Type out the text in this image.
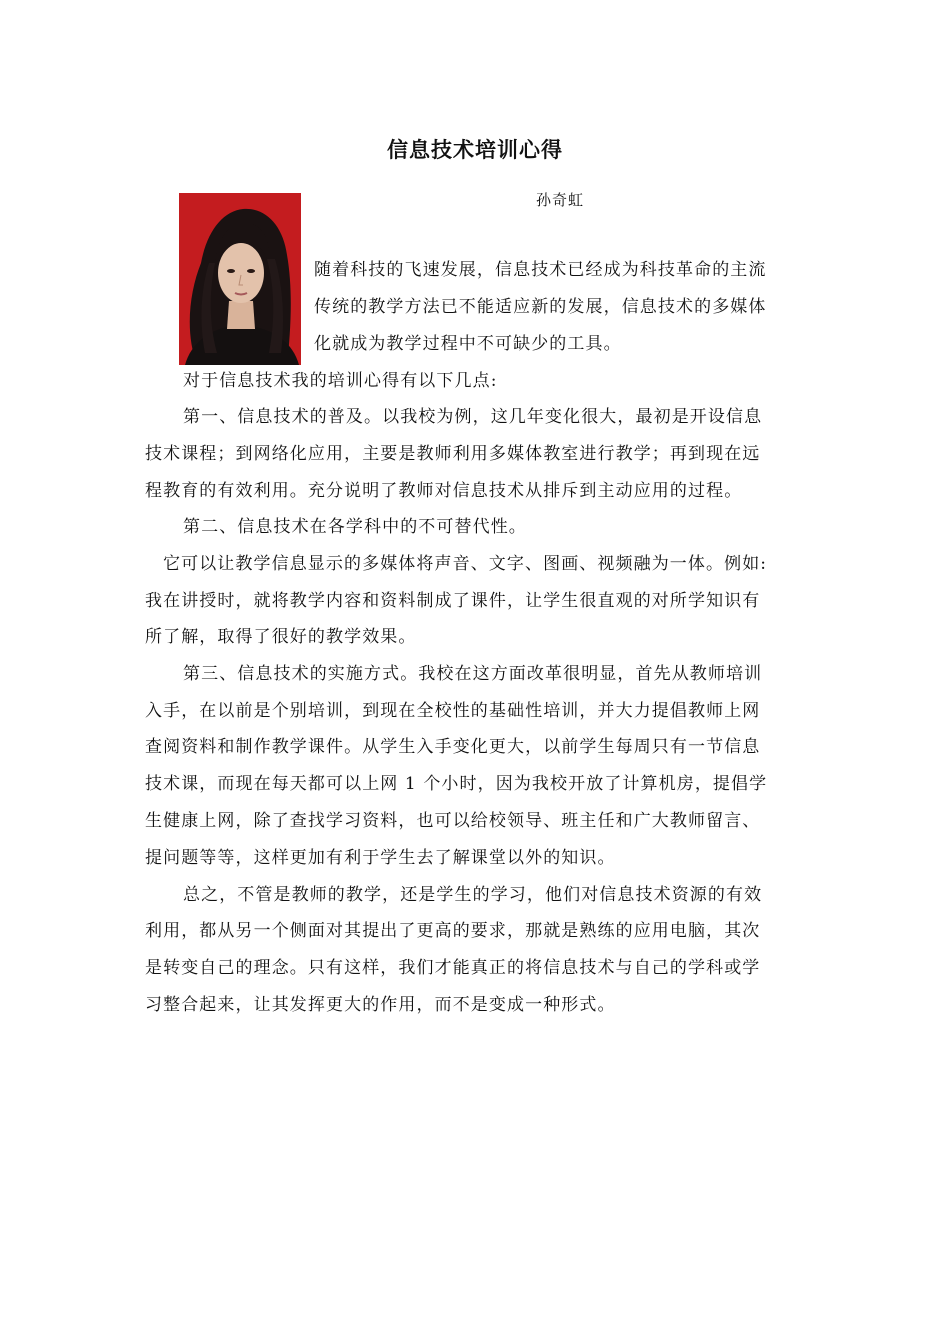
信息技术培训心得
孙奇虹
随着科技的飞速发展，信息技术已经成为科技革命的主流
传统的教学方法已不能适应新的发展，信息技术的多媒体
化就成为教学过程中不可缺少的工具。
对于信息技术我的培训心得有以下几点:
第一、信息技术的普及。以我校为例，这几年变化很大，最初是开设信息
技术课程；到网络化应用，主要是教师利用多媒体教室进行教学；再到现在远
程教育的有效利用。充分说明了教师对信息技术从排斥到主动应用的过程。
第二、信息技术在各学科中的不可替代性。
它可以让教学信息显示的多媒体将声音、文字、图画、视频融为一体。例如:
我在讲授时，就将教学内容和资料制成了课件，让学生很直观的对所学知识有
所了解，取得了很好的教学效果。
第三、信息技术的实施方式。我校在这方面改革很明显，首先从教师培训
入手，在以前是个别培训，到现在全校性的基础性培训，并大力提倡教师上网
查阅资料和制作教学课件。从学生入手变化更大，以前学生每周只有一节信息
技术课，而现在每天都可以上网 1 个小时，因为我校开放了计算机房，提倡学
生健康上网，除了查找学习资料，也可以给校领导、班主任和广大教师留言、
提问题等等，这样更加有利于学生去了解课堂以外的知识。
总之，不管是教师的教学，还是学生的学习，他们对信息技术资源的有效
利用，都从另一个侧面对其提出了更高的要求，那就是熟练的应用电脑，其次
是转变自己的理念。只有这样，我们才能真正的将信息技术与自己的学科或学
习整合起来，让其发挥更大的作用，而不是变成一种形式。
